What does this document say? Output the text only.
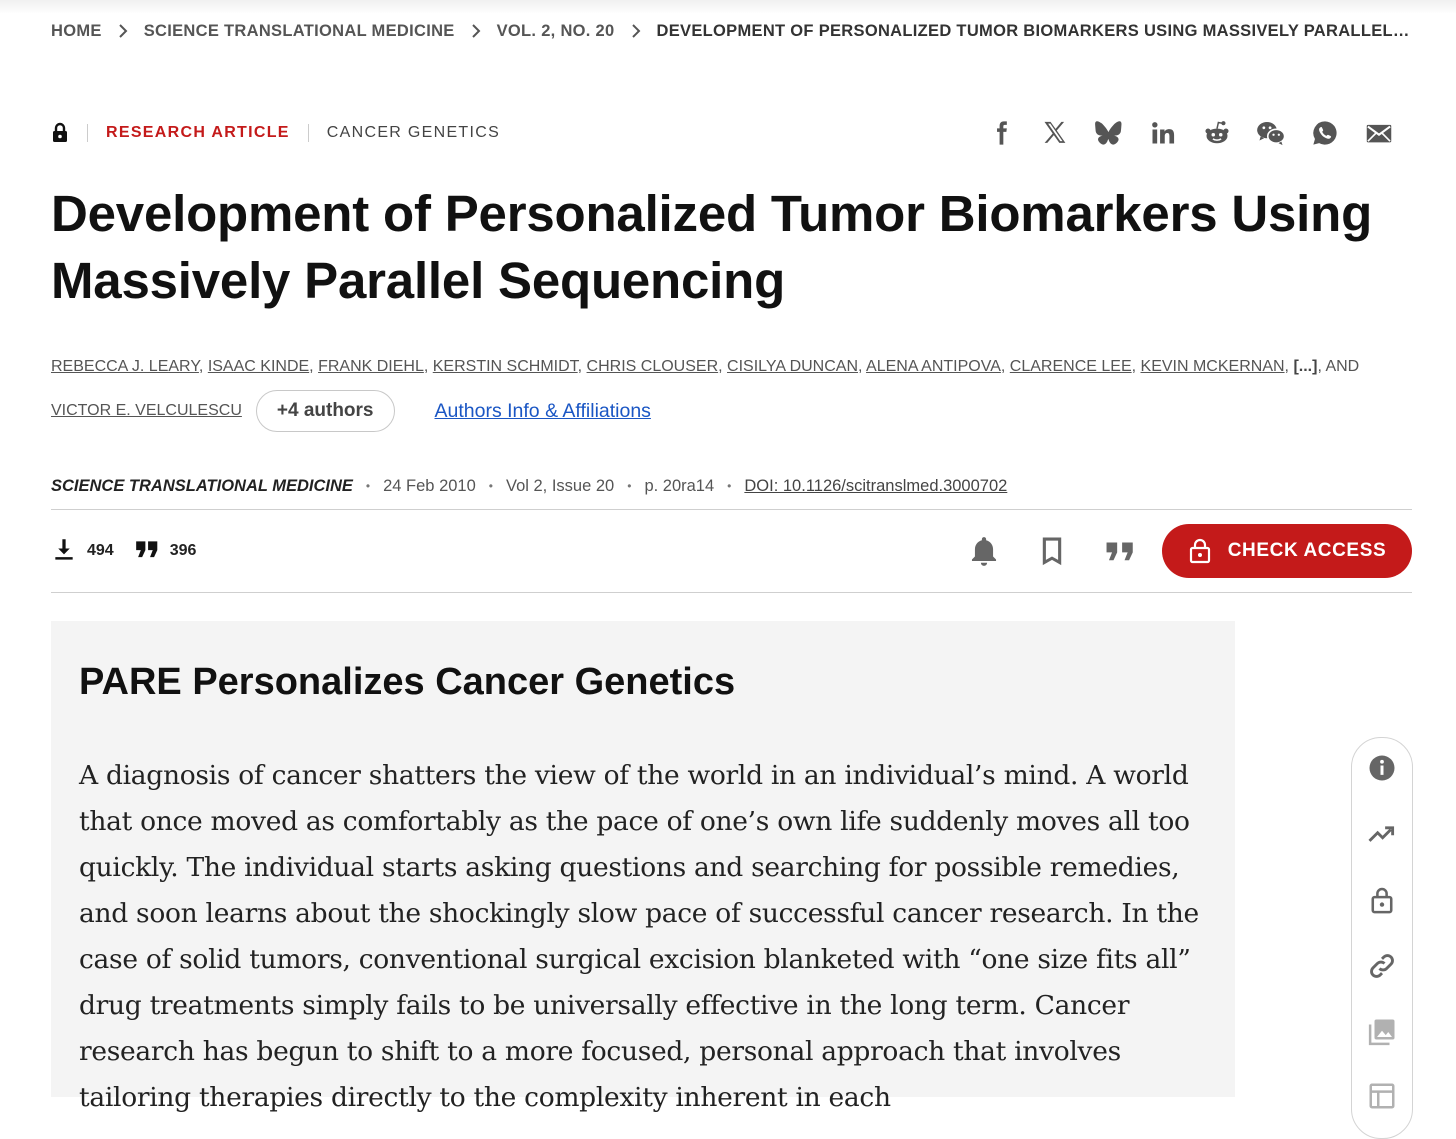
HOME	SCIENCE TRANSLATIONAL MEDICINE	VOL. 2, NO. 20	DEVELOPMENT OF PERSONALIZED TUMOR BIOMARKERS USING MASSIVELY PARALLEL…
RESEARCH ARTICLE CANCER GENETICS
Development of Personalized Tumor Biomarkers Using Massively Parallel Sequencing
REBECCA J. LEARY, ISAAC KINDE, FRANK DIEHL, KERSTIN SCHMIDT, CHRIS CLOUSER, CISILYA DUNCAN, ALENA ANTIPOVA, CLARENCE LEE, KEVIN MCKERNAN, [...], AND
VICTOR E. VELCULESCU	+4 authors	Authors Info & Affiliations
SCIENCE TRANSLATIONAL MEDICINE • 24 Feb 2010 • Vol 2, Issue 20 • p. 20ra14 • DOI: 10.1126/scitranslmed.3000702
494	396	CHECK ACCESS
PARE Personalizes Cancer Genetics

A diagnosis of cancer shatters the view of the world in an individual’s mind. A world that once moved as comfortably as the pace of one’s own life suddenly moves all too quickly. The individual starts asking questions and searching for possible remedies, and soon learns about the shockingly slow pace of successful cancer research. In the case of solid tumors, conventional surgical excision blanketed with “one size fits all” drug treatments simply fails to be universally effective in the long term. Cancer research has begun to shift to a more focused, personal approach that involves tailoring therapies directly to the complexity inherent in each
